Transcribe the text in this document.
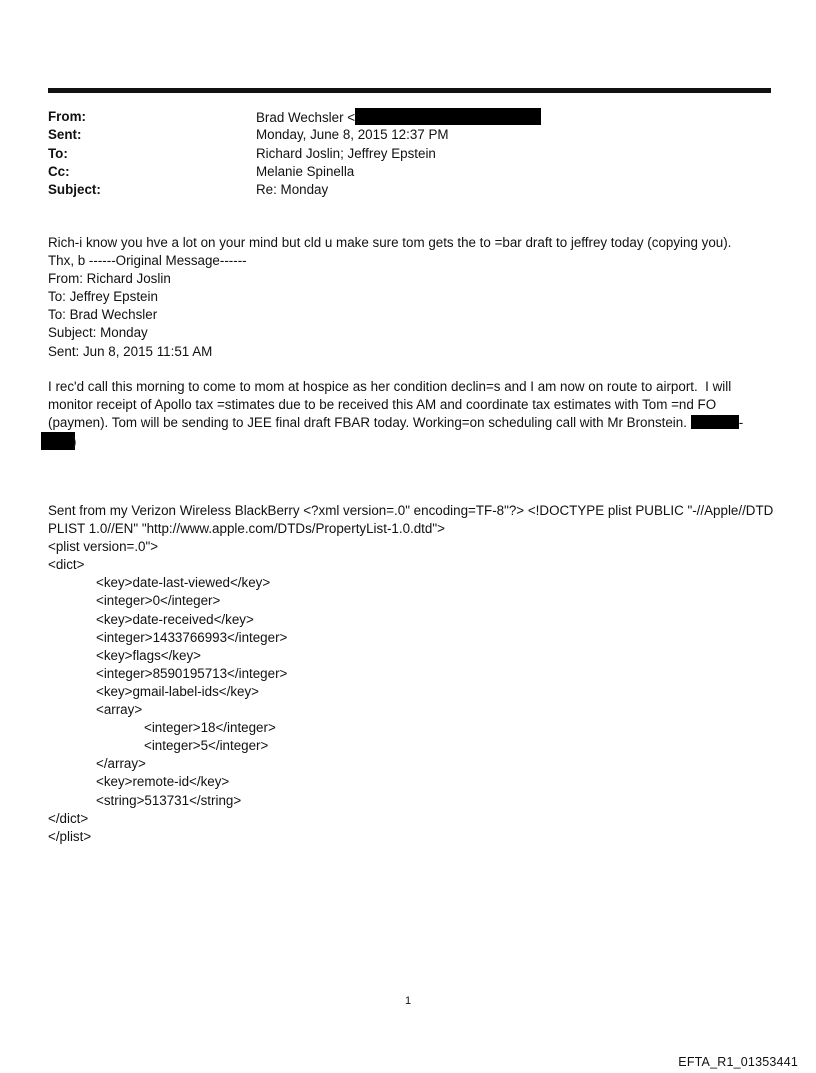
From:	Brad Wechsler <
Sent:	Monday, June 8, 2015 12:37 PM
To:	Richard Joslin; Jeffrey Epstein
Cc:	Melanie Spinella
Subject:	Re: Monday

Rich-i know you hve a lot on your mind but cld u make sure tom gets the to =bar draft to jeffrey today (copying you).

Thx, b ------Original Message------

From: Richard Joslin

To: Jeffrey Epstein

To: Brad Wechsler

Subject: Monday

Sent: Jun 8, 2015 11:51 AM

I rec'd call this morning to come to mom at hospice as her condition declin=s and I am now on route to airport.  I will

monitor receipt of Apollo tax =stimates due to be received this AM and coordinate tax estimates with Tom =nd FO

(paymen). Tom will be sending to JEE final draft FBAR today. Working=on scheduling call with Mr Bronstein.	-

)

Sent from my Verizon Wireless BlackBerry <?xml version=.0" encoding=TF-8"?> <!DOCTYPE plist PUBLIC "-//Apple//DTD

PLIST 1.0//EN" "http://www.apple.com/DTDs/PropertyList-1.0.dtd">

<plist version=.0">

<dict>

<key>date-last-viewed</key>

<integer>0</integer>

<key>date-received</key>

<integer>1433766993</integer>

<key>flags</key>

<integer>8590195713</integer>

<key>gmail-label-ids</key>

<array>

<integer>18</integer>

<integer>5</integer>

</array>

<key>remote-id</key>

<string>513731</string>

</dict>

</plist>

1
EFTA_R1_01353441
